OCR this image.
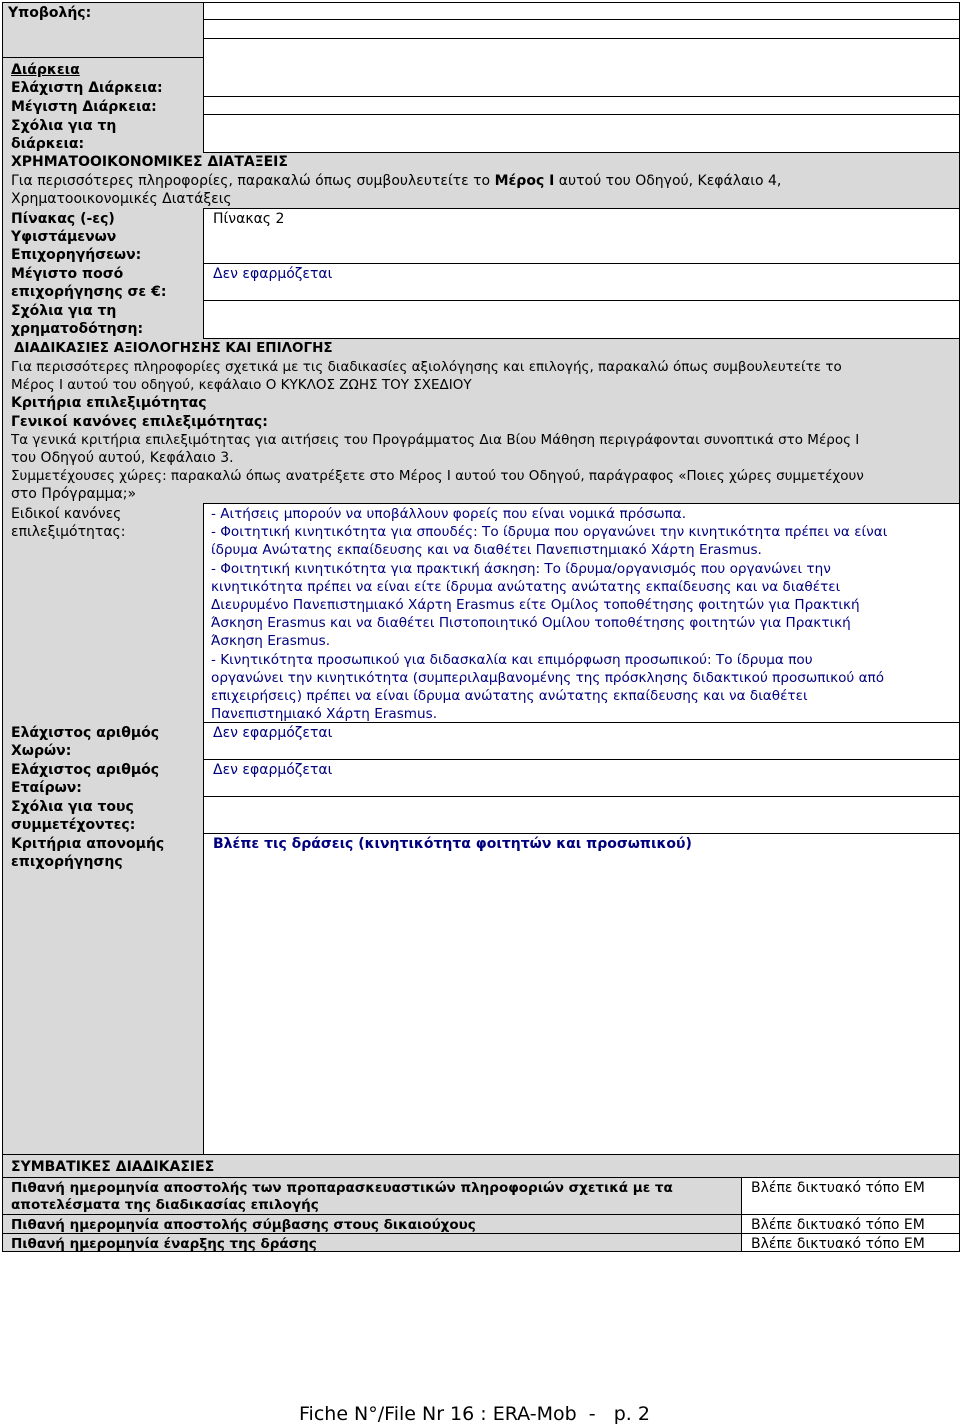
Υποβολής:
Διάρκεια
Ελάχιστη Διάρκεια:
Μέγιστη Διάρκεια:
Σχόλια για τη
διάρκεια:
ΧΡΗΜΑΤΟΟΙΚΟΝΟΜΙΚΕΣ ΔΙΑΤΑΞΕΙΣ
Για περισσότερες πληροφορίες, παρακαλώ όπως συμβουλευτείτε το Μέρος I αυτού του Οδηγού, Κεφάλαιο 4,
Χρηματοοικονομικές Διατάξεις
Πίνακας (-ες)
Υφιστάμενων
Επιχορηγήσεων:
Πίνακας 2
Μέγιστο ποσό
επιχορήγησης σε €:
Δεν εφαρμόζεται
Σχόλια για τη
χρηματοδότηση:
ΔΙΑΔΙΚΑΣΙΕΣ ΑΞΙΟΛΟΓΗΣΗΣ ΚΑΙ ΕΠΙΛΟΓΗΣ
Για περισσότερες πληροφορίες σχετικά με τις διαδικασίες αξιολόγησης και επιλογής, παρακαλώ όπως συμβουλευτείτε το
Μέρος I αυτού του οδηγού, κεφάλαιο Ο ΚΥΚΛΟΣ ΖΩΗΣ ΤΟΥ ΣΧΕΔΙΟΥ
Κριτήρια επιλεξιμότητας
Γενικοί κανόνες επιλεξιμότητας:
Τα γενικά κριτήρια επιλεξιμότητας για αιτήσεις του Προγράμματος Δια Βίου Μάθηση περιγράφονται συνοπτικά στο Μέρος I
του Οδηγού αυτού, Κεφάλαιο 3.
Συμμετέχουσες χώρες: παρακαλώ όπως ανατρέξετε στο Μέρος I αυτού του Οδηγού, παράγραφος «Ποιες χώρες συμμετέχουν
στο Πρόγραμμα;»
Ειδικοί κανόνες
επιλεξιμότητας:
- Αιτήσεις μπορούν να υποβάλλουν φορείς που είναι νομικά πρόσωπα.
- Φοιτητική κινητικότητα για σπουδές: Το ίδρυμα που οργανώνει την κινητικότητα πρέπει να είναι
ίδρυμα Ανώτατης εκπαίδευσης και να διαθέτει Πανεπιστημιακό Χάρτη Erasmus.
- Φοιτητική κινητικότητα για πρακτική άσκηση: Το ίδρυμα/οργανισμός που οργανώνει την
κινητικότητα πρέπει να είναι είτε ίδρυμα ανώτατης ανώτατης εκπαίδευσης και να διαθέτει
Διευρυμένο Πανεπιστημιακό Χάρτη Erasmus είτε Ομίλος τοποθέτησης φοιτητών για Πρακτική
Άσκηση Erasmus και να διαθέτει Πιστοποιητικό Ομίλου τοποθέτησης φοιτητών για Πρακτική
Άσκηση Erasmus.
- Κινητικότητα προσωπικού για διδασκαλία και επιμόρφωση προσωπικού: Το ίδρυμα που
οργανώνει την κινητικότητα (συμπεριλαμβανομένης της πρόσκλησης διδακτικού προσωπικού από
επιχειρήσεις) πρέπει να είναι ίδρυμα ανώτατης ανώτατης εκπαίδευσης και να διαθέτει
Πανεπιστημιακό Χάρτη Erasmus.
Ελάχιστος αριθμός
Χωρών:
Δεν εφαρμόζεται
Ελάχιστος αριθμός
Εταίρων:
Δεν εφαρμόζεται
Σχόλια για τους
συμμετέχοντες:
Κριτήρια απονομής
επιχορήγησης
Βλέπε τις δράσεις (κινητικότητα φοιτητών και προσωπικού)
ΣΥΜΒΑΤΙΚΕΣ ΔΙΑΔΙΚΑΣΙΕΣ
Πιθανή ημερομηνία αποστολής των προπαρασκευαστικών πληροφοριών σχετικά με τα
αποτελέσματα της διαδικασίας επιλογής
Βλέπε δικτυακό τόπο ΕΜ
Πιθανή ημερομηνία αποστολής σύμβασης στους δικαιούχους	Βλέπε δικτυακό τόπο ΕΜ
Πιθανή ημερομηνία έναρξης της δράσης	Βλέπε δικτυακό τόπο ΕΜ
Fiche N°/File Nr 16 : ERA-Mob  -   p. 2
